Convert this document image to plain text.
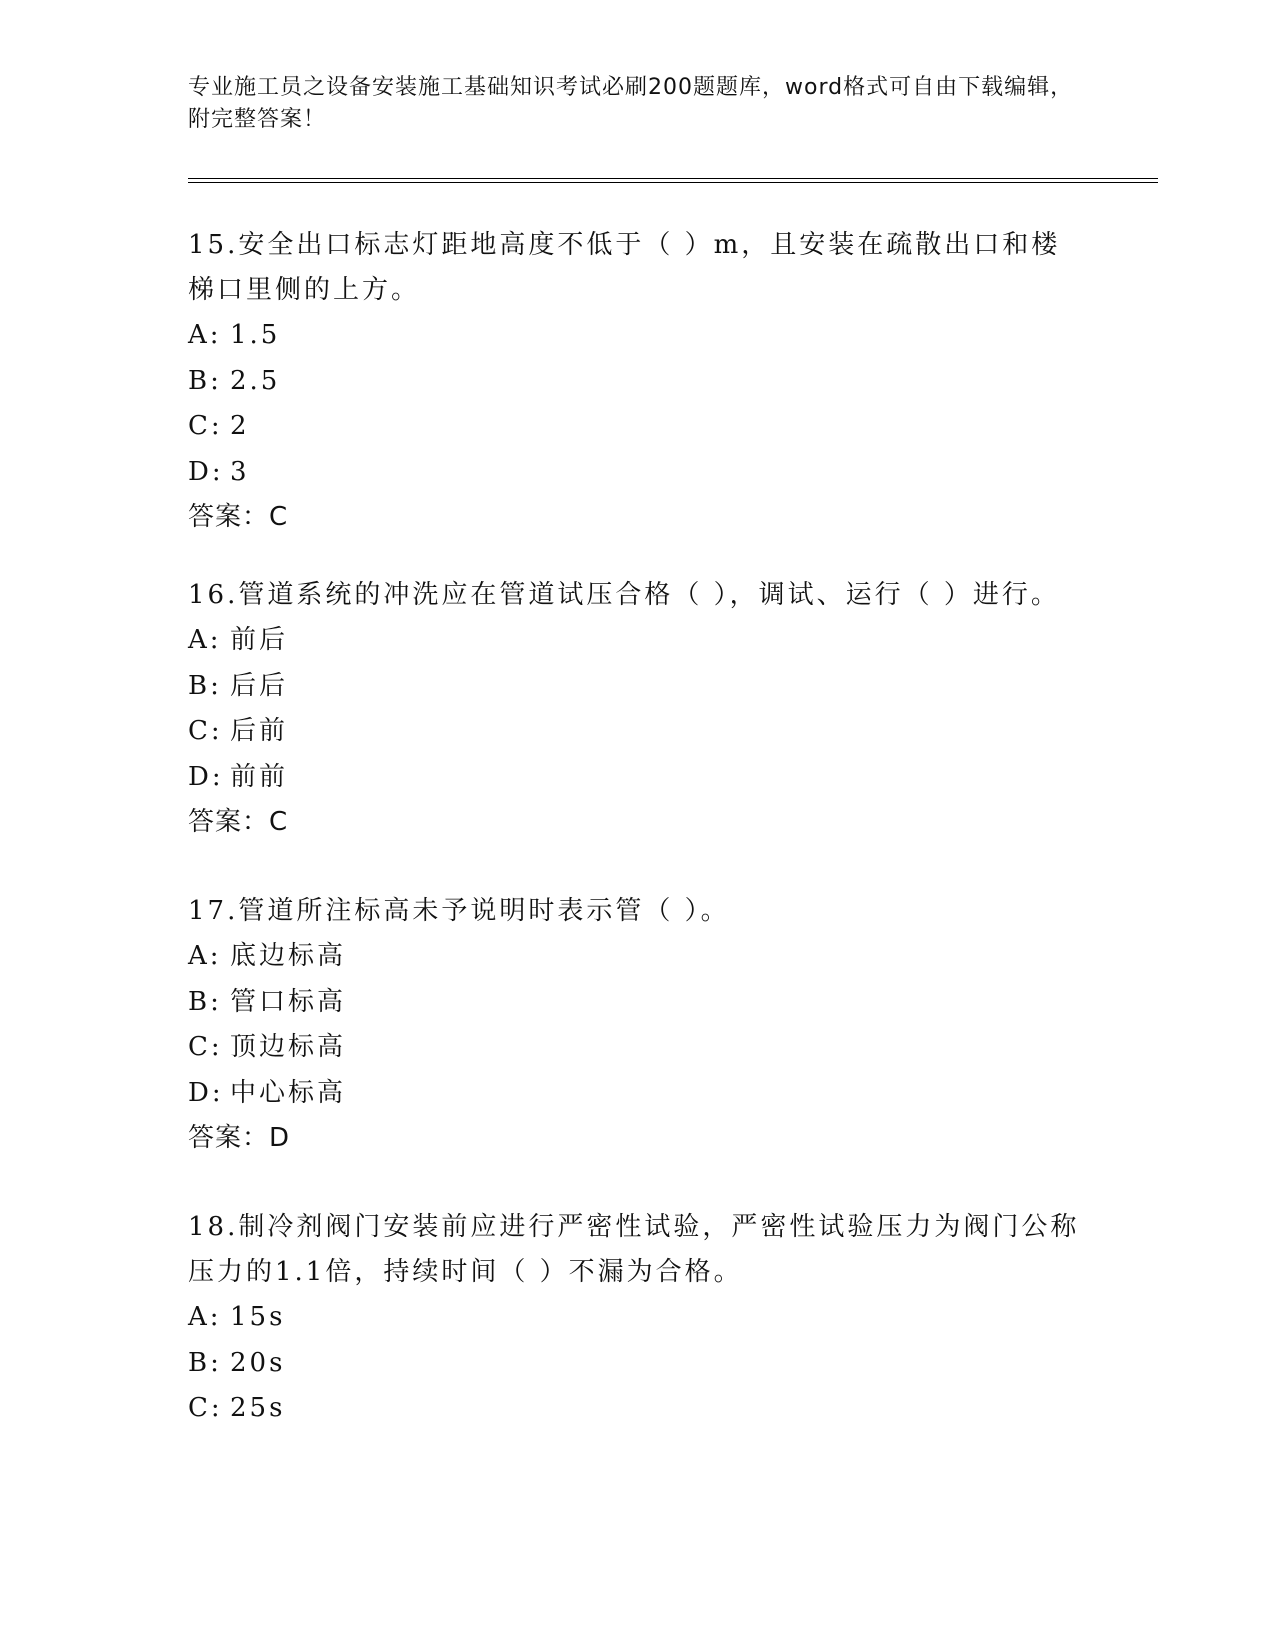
专业施工员之设备安装施工基础知识考试必刷200题题库，word格式可自由下载编辑，附完整答案！

15.安全出口标志灯距地高度不低于（ ）m，且安装在疏散出口和楼梯口里侧的上方。

A: 1.5

B: 2.5

C: 2

D: 3

答案：C

16.管道系统的冲洗应在管道试压合格（ ），调试、运行（ ）进行。

A: 前后

B: 后后

C: 后前

D: 前前

答案：C

17.管道所注标高未予说明时表示管（ ）。

A: 底边标高

B: 管口标高

C: 顶边标高

D: 中心标高

答案：D

18.制冷剂阀门安装前应进行严密性试验，严密性试验压力为阀门公称压力的1.1倍，持续时间（ ）不漏为合格。

A: 15s

B: 20s

C: 25s
